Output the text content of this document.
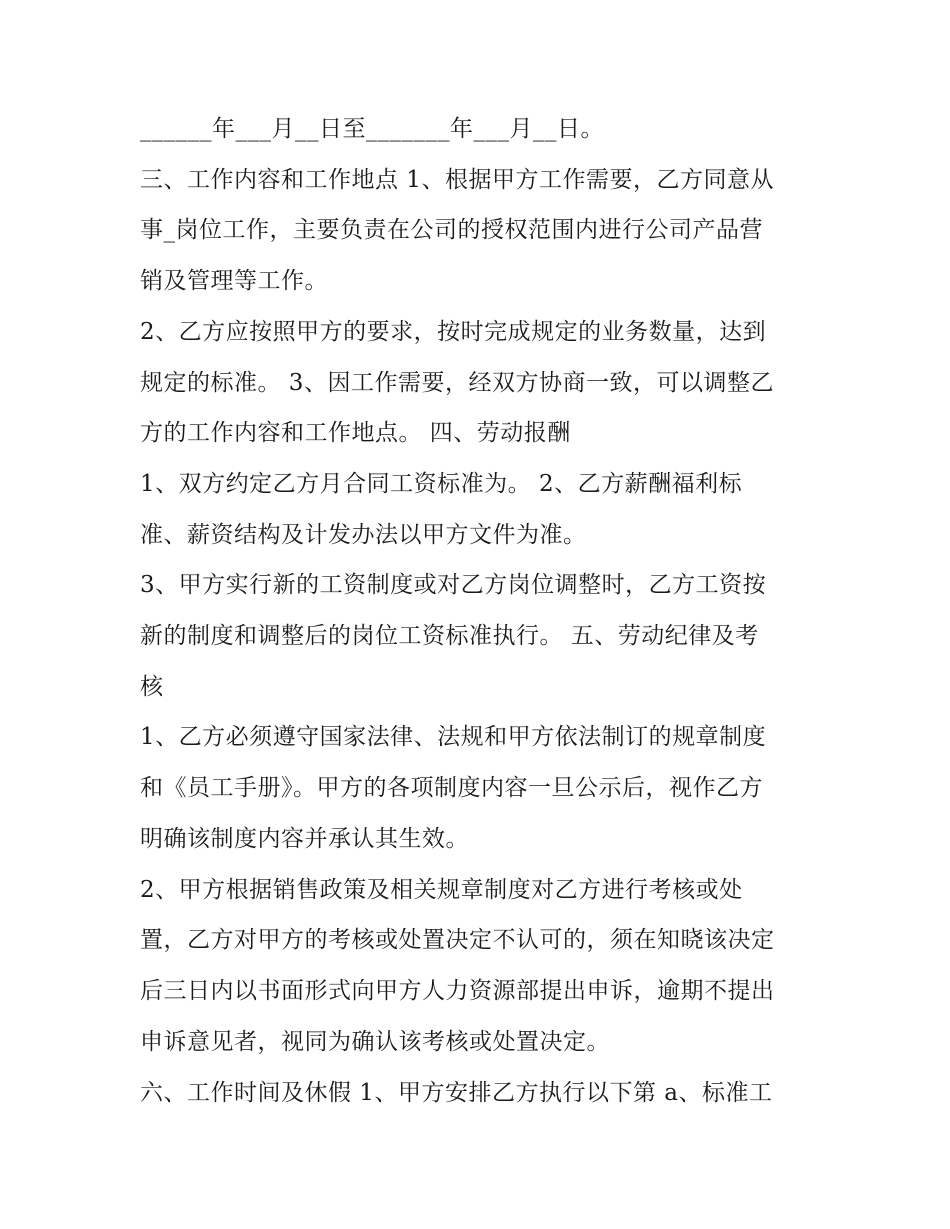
______年___月__日至_______年___月__日。
三、工作内容和工作地点 1、根据甲方工作需要，乙方同意从
事_岗位工作，主要负责在公司的授权范围内进行公司产品营
销及管理等工作。
2、乙方应按照甲方的要求，按时完成规定的业务数量，达到
规定的标准。 3、因工作需要，经双方协商一致，可以调整乙
方的工作内容和工作地点。 四、劳动报酬
1、双方约定乙方月合同工资标准为。 2、乙方薪酬福利标
准、薪资结构及计发办法以甲方文件为准。
3、甲方实行新的工资制度或对乙方岗位调整时，乙方工资按
新的制度和调整后的岗位工资标准执行。 五、劳动纪律及考
核
1、乙方必须遵守国家法律、法规和甲方依法制订的规章制度
和《员工手册》。甲方的各项制度内容一旦公示后，视作乙方
明确该制度内容并承认其生效。
2、甲方根据销售政策及相关规章制度对乙方进行考核或处
置，乙方对甲方的考核或处置决定不认可的，须在知晓该决定
后三日内以书面形式向甲方人力资源部提出申诉，逾期不提出
申诉意见者，视同为确认该考核或处置决定。
六、工作时间及休假 1、甲方安排乙方执行以下第 a、标准工
